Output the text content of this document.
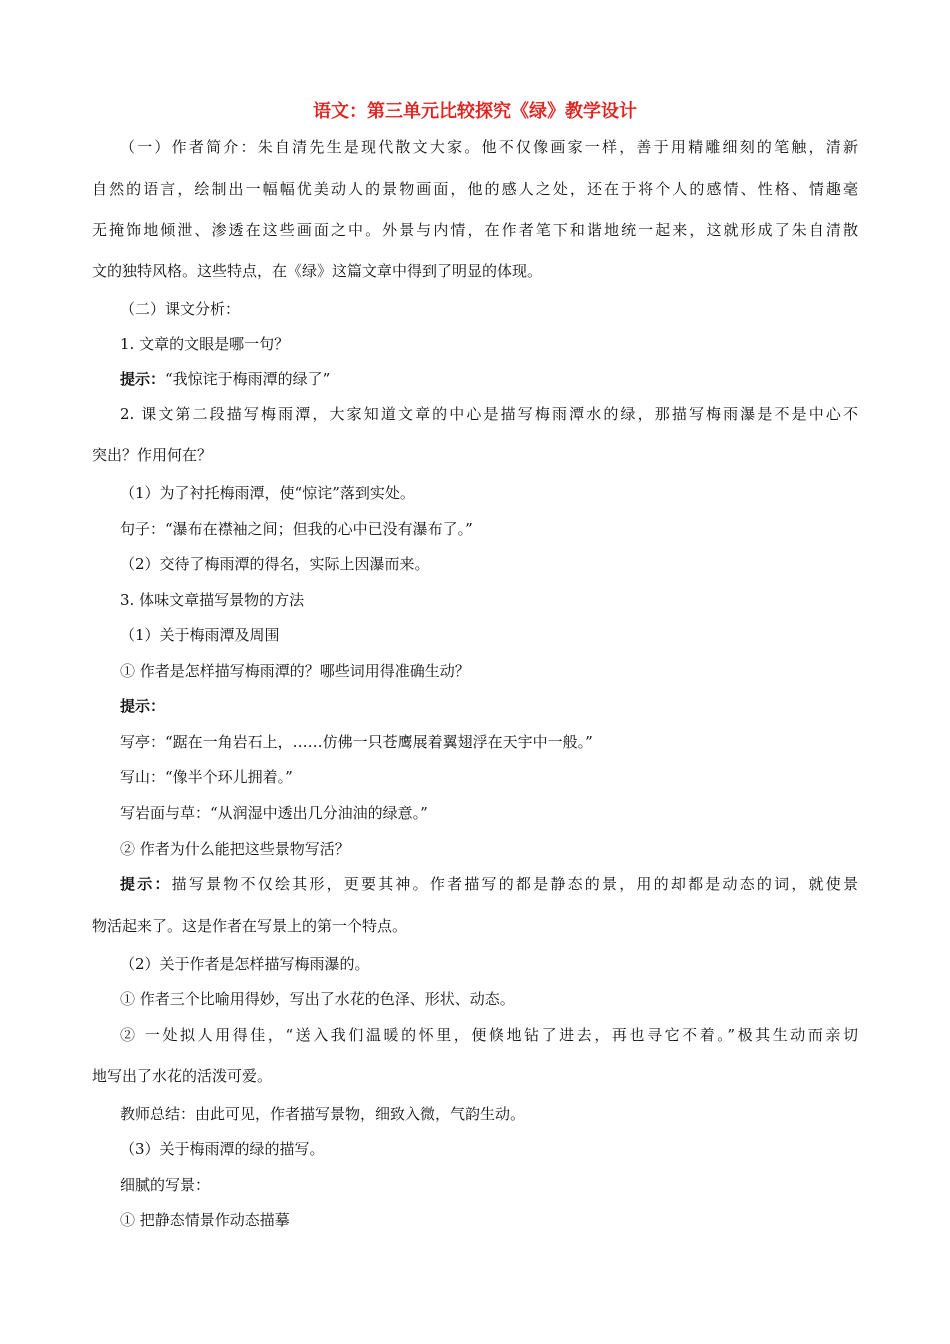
语文：第三单元比较探究《绿》教学设计
（一）作者简介：朱自清先生是现代散文大家。他不仅像画家一样，善于用精雕细刻的笔触，清新
自然的语言，绘制出一幅幅优美动人的景物画面，他的感人之处，还在于将个人的感情、性格、情趣毫
无掩饰地倾泄、渗透在这些画面之中。外景与内情，在作者笔下和谐地统一起来，这就形成了朱自清散
文的独特风格。这些特点，在《绿》这篇文章中得到了明显的体现。
（二）课文分析：
1. 文章的文眼是哪一句？
提示：“我惊诧于梅雨潭的绿了”
2. 课文第二段描写梅雨潭，大家知道文章的中心是描写梅雨潭水的绿，那描写梅雨瀑是不是中心不
突出？作用何在？
（1）为了衬托梅雨潭，使“惊诧”落到实处。
句子：“瀑布在襟袖之间；但我的心中已没有瀑布了。”
（2）交待了梅雨潭的得名，实际上因瀑而来。
3. 体味文章描写景物的方法
（1）关于梅雨潭及周围
① 作者是怎样描写梅雨潭的？哪些词用得准确生动？
提示：
写亭：“踞在一角岩石上，……仿佛一只苍鹰展着翼翅浮在天宇中一般。”
写山：“像半个环儿拥着。”
写岩面与草：“从润湿中透出几分油油的绿意。”
② 作者为什么能把这些景物写活？
提示：描写景物不仅绘其形，更要其神。作者描写的都是静态的景，用的却都是动态的词，就使景
物活起来了。这是作者在写景上的第一个特点。
（2）关于作者是怎样描写梅雨瀑的。
① 作者三个比喻用得妙，写出了水花的色泽、形状、动态。
② 一处拟人用得佳，“送入我们温暖的怀里，便倏地钻了进去，再也寻它不着。”极其生动而亲切
地写出了水花的活泼可爱。
教师总结：由此可见，作者描写景物，细致入微，气韵生动。
（3）关于梅雨潭的绿的描写。
细腻的写景：
① 把静态情景作动态描摹
